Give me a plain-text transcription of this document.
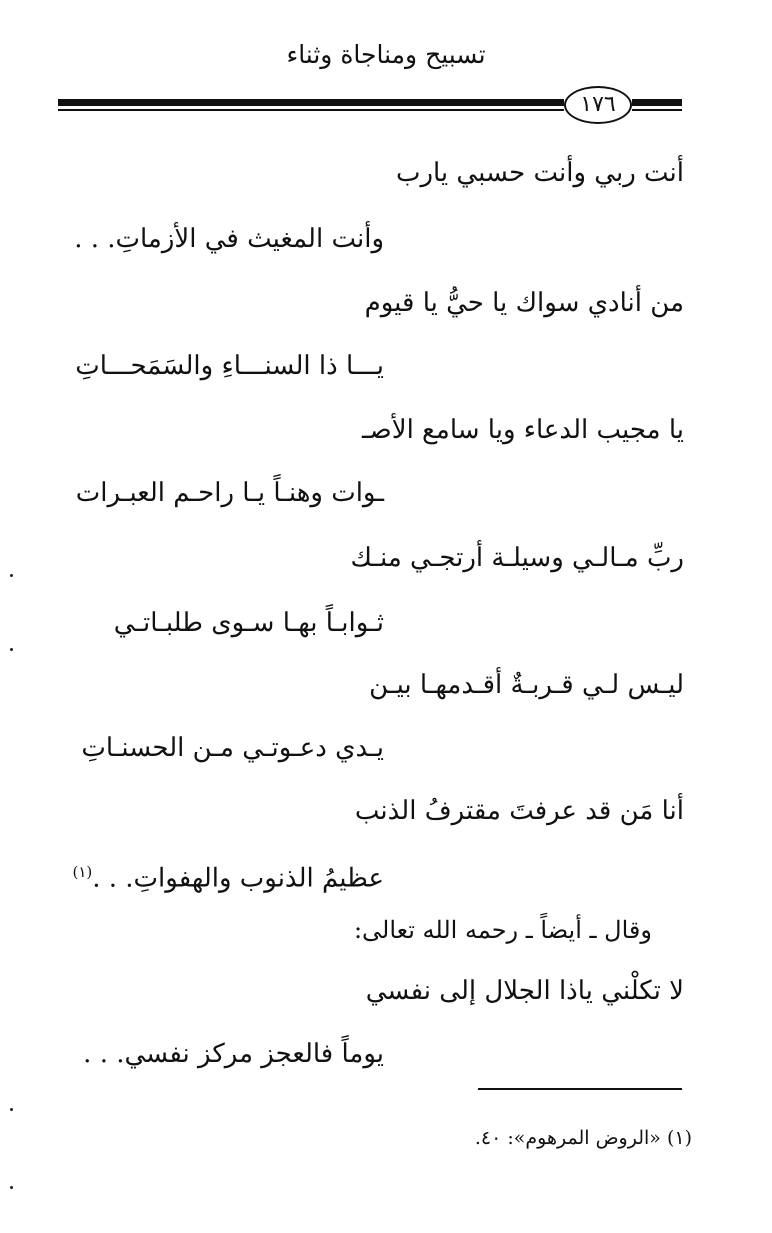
تسبيح ومناجاة وثناء
١٧٦
أنت ربي وأنت حسبي يارب
وأنت المغيث في الأزماتِ. . .
من أنادي سواك يا حيُّ يا قيوم
يـــا ذا السنـــاءِ والسَمَحـــاتِ
يا مجيب الدعاء ويا سامع الأصـ
ـوات وهنـاً يـا راحـم العبـرات
ربِّ مـالـي وسيلـة أرتجـي منـك
ثـوابـاً بهـا سـوى طلبـاتـي
ليـس لـي قـربـةٌ أقـدمهـا بيـن
يـدي دعـوتـي مـن الحسنـاتِ
أنا مَن قد عرفتَ مقترفُ الذنب
عظيمُ الذنوب والهفواتِ. . .$^{(١)}$
وقال ـ أيضاً ـ رحمه الله تعالى:
لا تكلْني ياذا الجلال إلى نفسي
يوماً فالعجز مركز نفسي. . .
(١) «الروض المرهوم»: ٤٠.
